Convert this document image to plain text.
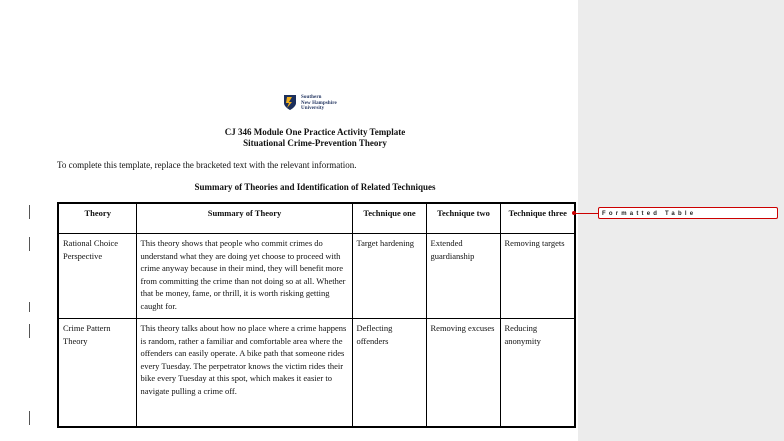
Southern
New Hampshire
University
CJ 346 Module One Practice Activity Template
Situational Crime-Prevention Theory
To complete this template, replace the bracketed text with the relevant information.
Summary of Theories and Identification of Related Techniques
Theory	Summary of Theory	Technique one	Technique two	Technique three
Rational Choice Perspective	This theory shows that people who commit crimes do understand what they are doing yet choose to proceed with crime anyway because in their mind, they will benefit more from committing the crime than not doing so at all. Whether that be money, fame, or thrill, it is worth risking getting caught for.	Target hardening	Extended guardianship	Removing targets
Crime Pattern Theory	This theory talks about how no place where a crime happens is random, rather a familiar and comfortable area where the offenders can easily operate. A bike path that someone rides every Tuesday. The perpetrator knows the victim rides their bike every Tuesday at this spot, which makes it easier to navigate pulling a crime off.	Deflecting offenders	Removing excuses	Reducing anonymity
Formatted Table
